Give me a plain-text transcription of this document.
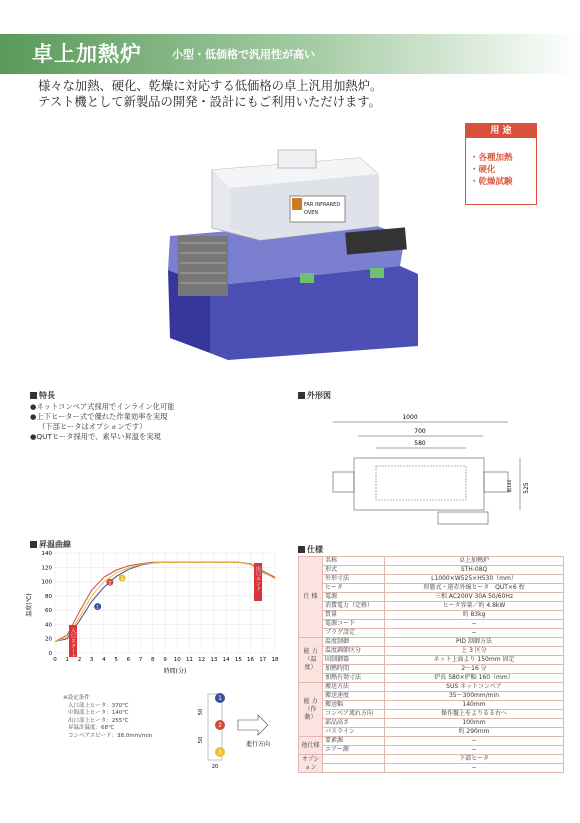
卓上加熱炉	小型・低価格で汎用性が高い
様々な加熱、硬化、乾燥に対応する低価格の卓上汎用加熱炉。
テスト機として新製品の開発・設計にもご利用いただけます。
用 途
・各種加熱
・硬化
・乾燥試験
FAR INFRARED
OVEN
特長
●ネットコンベア式採用でインライン化可能
●上下ヒーター式で優れた作業効率を実現
（下部ヒータはオプションです）
●QUTヒータ採用で、素早い昇温を実現
外形図
1000
700
580
525
幅140
昇温曲線
1
2
3
0 1 2 3 4 5 6 7 8 9 10 11 12 13 14 15 16 17 18
0
20
40
60
80
100
120
140
時間(分)
温度(℃)
入口スタート
出口エンド
※設定条件
入口部上ヒータ：370℃
中間部上ヒータ：140℃
出口部上ヒータ：255℃
昇温計温度：68℃
コンベアスピード：38.0mm/min
1
2
3
50
50
20
進行方向
仕様
仕 様	名称	卓上加熱炉
	形式	STH-08Q
	外形寸法	L1000×W525×H530（mm）
	ヒータ	形態式・遠赤外線ヒータ　QUT×6 枚
	電源	三相 AC200V 30A 50/60Hz
	消費電力（定格）	ヒータ容量／約 4.8kW
	質量	約 83kg
	電源コード	−
	プラグ設定	−
能 力（温 度）	温度制御	PID 制御方法
	温度調節区分	上 3 区分
	固制御器	ネット上面より 150mm 固定
	加熱時間	2〜16 分
	加熱有効寸法	炉長 580×炉幅 160（mm）
能 力（作 動）	搬送方法	SUS ネットコンベア
	搬送速度	35〜300mm/min
	搬送幅	140mm
	コンベア流れ方向	操作盤上をよりるる右へ
	部品高さ	100mm
	パスライン	約 290mm
他仕様	要素源	−
	エアー源	−
オプション		下部ヒータ
		−
